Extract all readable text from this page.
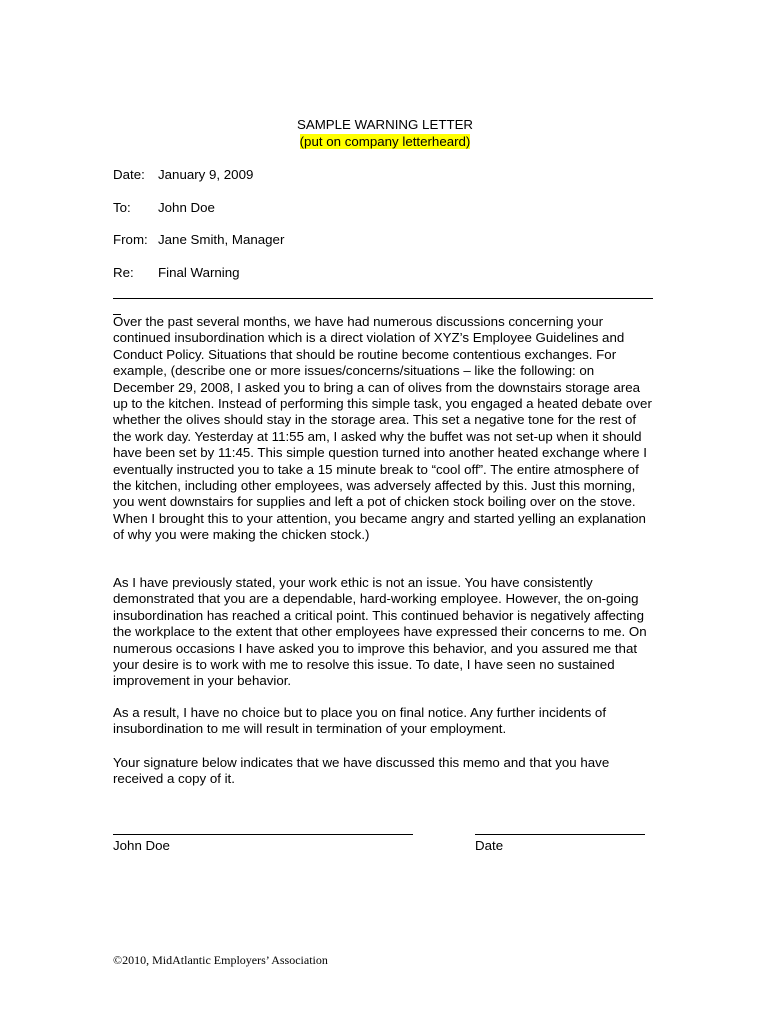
SAMPLE WARNING LETTER
(put on company letterheard)
Date: January 9, 2009
To: John Doe
From: Jane Smith, Manager
Re: Final Warning

Over the past several months, we have had numerous discussions concerning your continued insubordination which is a direct violation of XYZ’s Employee Guidelines and Conduct Policy. Situations that should be routine become contentious exchanges. For example, (describe one or more issues/concerns/situations – like the following: on December 29, 2008, I asked you to bring a can of olives from the downstairs storage area up to the kitchen. Instead of performing this simple task, you engaged a heated debate over whether the olives should stay in the storage area. This set a negative tone for the rest of the work day. Yesterday at 11:55 am, I asked why the buffet was not set-up when it should have been set by 11:45. This simple question turned into another heated exchange where I eventually instructed you to take a 15 minute break to “cool off”. The entire atmosphere of the kitchen, including other employees, was adversely affected by this. Just this morning, you went downstairs for supplies and left a pot of chicken stock boiling over on the stove. When I brought this to your attention, you became angry and started yelling an explanation of why you were making the chicken stock.)

As I have previously stated, your work ethic is not an issue. You have consistently demonstrated that you are a dependable, hard-working employee. However, the on-going insubordination has reached a critical point. This continued behavior is negatively affecting the workplace to the extent that other employees have expressed their concerns to me. On numerous occasions I have asked you to improve this behavior, and you assured me that your desire is to work with me to resolve this issue. To date, I have seen no sustained improvement in your behavior.

As a result, I have no choice but to place you on final notice. Any further incidents of insubordination to me will result in termination of your employment.

Your signature below indicates that we have discussed this memo and that you have received a copy of it.

John Doe	Date
©2010, MidAtlantic Employers’ Association
